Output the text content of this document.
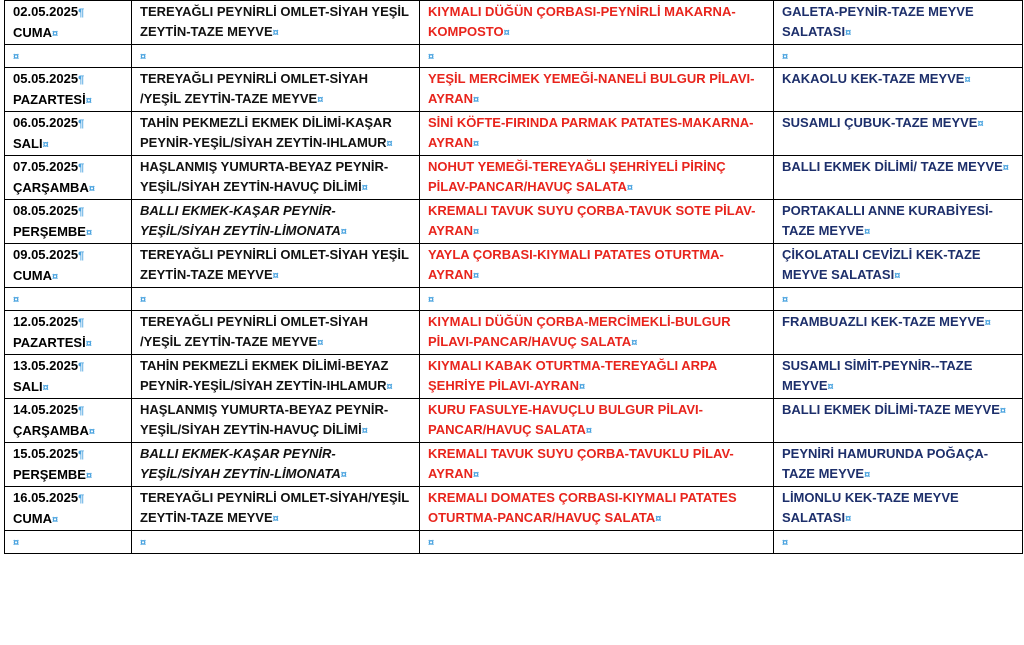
02.05.2025¶
CUMA¤	TEREYAĞLI PEYNİRLİ OMLET-SİYAH YEŞİL ZEYTİN-TAZE MEYVE¤	KIYMALI DÜĞÜN ÇORBASI-PEYNİRLİ MAKARNA-KOMPOSTO¤	GALETA-PEYNİR-TAZE MEYVE SALATASI¤
¤	¤	¤	¤

05.05.2025¶
PAZARTESİ¤	TEREYAĞLI PEYNİRLİ OMLET-SİYAH /YEŞİL ZEYTİN-TAZE MEYVE¤	YEŞİL MERCİMEK YEMEĞİ-NANELİ BULGUR PİLAVI-AYRAN¤	KAKAOLU KEK-TAZE MEYVE¤

06.05.2025¶
SALI¤	TAHİN PEKMEZLİ EKMEK DİLİMİ-KAŞAR PEYNİR-YEŞİL/SİYAH ZEYTİN-IHLAMUR¤	SİNİ KÖFTE-FIRINDA PARMAK PATATES-MAKARNA-AYRAN¤	SUSAMLI ÇUBUK-TAZE MEYVE¤

07.05.2025¶
ÇARŞAMBA¤	HAŞLANMIŞ YUMURTA-BEYAZ PEYNİR-YEŞİL/SİYAH ZEYTİN-HAVUÇ DİLİMİ¤	NOHUT YEMEĞİ-TEREYAĞLI ŞEHRİYELİ PİRİNÇ PİLAV-PANCAR/HAVUÇ SALATA¤	BALLI EKMEK DİLİMİ/ TAZE MEYVE¤

08.05.2025¶
PERŞEMBE¤	BALLI EKMEK-KAŞAR PEYNİR-YEŞİL/SİYAH ZEYTİN-LİMONATA¤	KREMALI TAVUK SUYU ÇORBA-TAVUK SOTE PİLAV-AYRAN¤	PORTAKALLI ANNE KURABİYESİ-TAZE MEYVE¤

09.05.2025¶
CUMA¤	TEREYAĞLI PEYNİRLİ OMLET-SİYAH YEŞİL ZEYTİN-TAZE MEYVE¤	YAYLA ÇORBASI-KIYMALI PATATES OTURTMA-AYRAN¤	ÇİKOLATALI CEVİZLİ KEK-TAZE MEYVE SALATASI¤
¤	¤	¤	¤

12.05.2025¶
PAZARTESİ¤	TEREYAĞLI PEYNİRLİ OMLET-SİYAH /YEŞİL ZEYTİN-TAZE MEYVE¤	KIYMALI DÜĞÜN ÇORBA-MERCİMEKLİ-BULGUR PİLAVI-PANCAR/HAVUÇ SALATA¤	FRAMBUAZLI KEK-TAZE MEYVE¤

13.05.2025¶
SALI¤	TAHİN PEKMEZLİ EKMEK DİLİMİ-BEYAZ PEYNİR-YEŞİL/SİYAH ZEYTİN-IHLAMUR¤	KIYMALI KABAK OTURTMA-TEREYAĞLI ARPA ŞEHRİYE PİLAVI-AYRAN¤	SUSAMLI SİMİT-PEYNİR--TAZE MEYVE¤

14.05.2025¶
ÇARŞAMBA¤	HAŞLANMIŞ YUMURTA-BEYAZ PEYNİR-YEŞİL/SİYAH ZEYTİN-HAVUÇ DİLİMİ¤	KURU FASULYE-HAVUÇLU BULGUR PİLAVI-PANCAR/HAVUÇ SALATA¤	BALLI EKMEK DİLİMİ-TAZE MEYVE¤

15.05.2025¶
PERŞEMBE¤	BALLI EKMEK-KAŞAR PEYNİR-YEŞİL/SİYAH ZEYTİN-LİMONATA¤	KREMALI TAVUK SUYU ÇORBA-TAVUKLU PİLAV-AYRAN¤	PEYNİRİ HAMURUNDA POĞAÇA-TAZE MEYVE¤

16.05.2025¶
CUMA¤	TEREYAĞLI PEYNİRLİ OMLET-SİYAH/YEŞİL ZEYTİN-TAZE MEYVE¤	KREMALI DOMATES ÇORBASI-KIYMALI PATATES OTURTMA-PANCAR/HAVUÇ SALATA¤	LİMONLU KEK-TAZE MEYVE SALATASI¤
¤	¤	¤	¤
